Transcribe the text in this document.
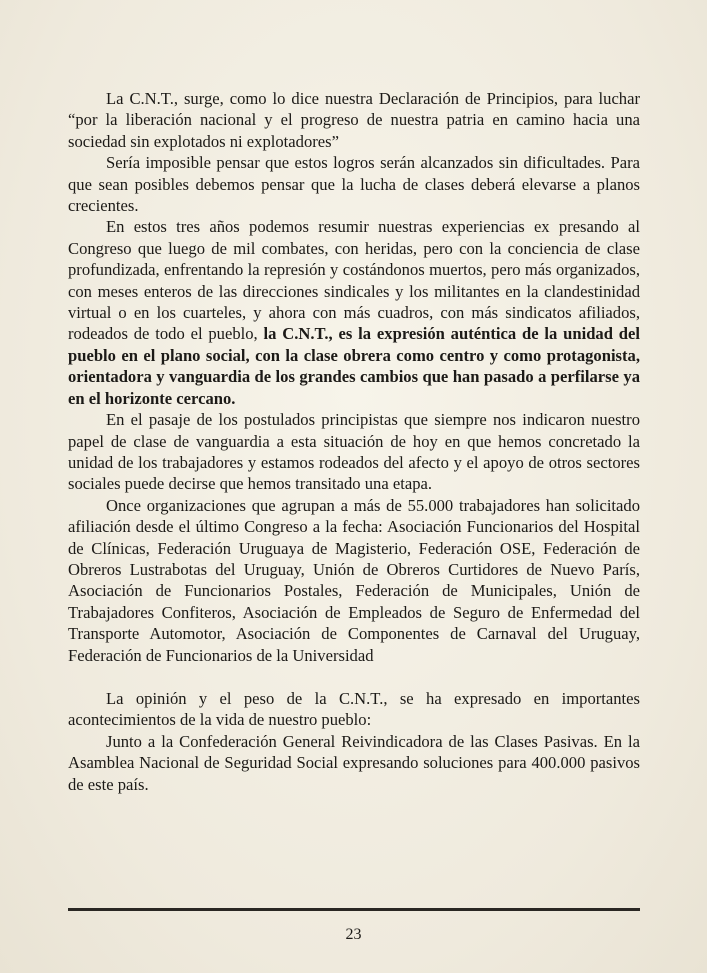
La C.N.T., surge, como lo dice nuestra Declaración de Principios, para luchar “por la liberación nacional y el progreso de nuestra patria en camino hacia una sociedad sin explotados ni explotadores”

Sería imposible pensar que estos logros serán alcanzados sin dificultades. Para que sean posibles debemos pensar que la lucha de clases deberá elevarse a planos crecientes.

En estos tres años podemos resumir nuestras experiencias ex presando al Congreso que luego de mil combates, con heridas, pero con la conciencia de clase profundizada, enfrentando la represión y costándonos muertos, pero más organizados, con meses enteros de las direcciones sindicales y los militantes en la clandestinidad virtual o en los cuarteles, y ahora con más cuadros, con más sindicatos afiliados, rodeados de todo el pueblo, la C.N.T., es la expresión auténtica de la unidad del pueblo en el plano social, con la clase obrera como centro y como protagonista, orientadora y vanguardia de los grandes cambios que han pasado a perfilarse ya en el horizonte cercano.

En el pasaje de los postulados principistas que siempre nos indicaron nuestro papel de clase de vanguardia a esta situación de hoy en que hemos concretado la unidad de los trabajadores y estamos rodeados del afecto y el apoyo de otros sectores sociales puede decirse que hemos transitado una etapa.

Once organizaciones que agrupan a más de 55.000 trabajadores han solicitado afiliación desde el último Congreso a la fecha: Asociación Funcionarios del Hospital de Clínicas, Federación Uruguaya de Magisterio, Federación OSE, Federación de Obreros Lustrabotas del Uruguay, Unión de Obreros Curtidores de Nuevo París, Asociación de Funcionarios Postales, Federación de Municipales, Unión de Trabajadores Confiteros, Asociación de Empleados de Seguro de Enfermedad del Transporte Automotor, Asociación de Componentes de Carnaval del Uruguay, Federación de Funcionarios de la Universidad

La opinión y el peso de la C.N.T., se ha expresado en importantes acontecimientos de la vida de nuestro pueblo:

Junto a la Confederación General Reivindicadora de las Clases Pasivas. En la Asamblea Nacional de Seguridad Social expresando soluciones para 400.000 pasivos de este país.

23
